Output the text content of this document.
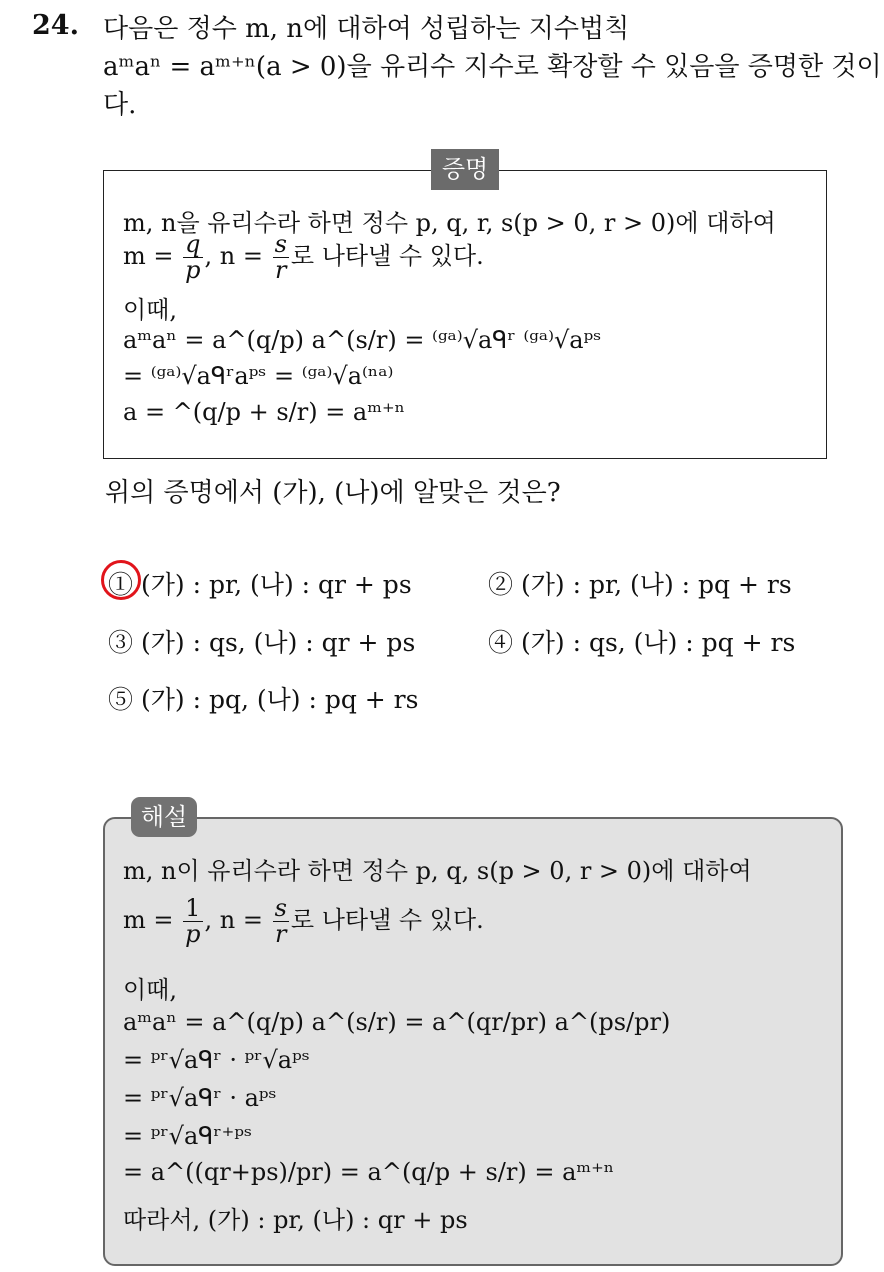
24. 다음은 정수 m, n에 대하여 성립하는 지수법칙
aᵐaⁿ = aᵐ⁺ⁿ(a > 0)을 유리수 지수로 확장할 수 있음을 증명한 것이
다.
증명
m, n을 유리수라 하면 정수 p, q, r, s(p > 0, r > 0)에 대하여
$m = \frac{q}{p}$ , $n = \frac{s}{r}$ 로 나타낼 수 있다.
이때,
aᵐaⁿ = a^(q/p) a^(s/r) = ⁽ᵍᵃ⁾√aᑫʳ ⁽ᵍᵃ⁾√aᵖˢ
= ⁽ᵍᵃ⁾√aᑫʳaᵖˢ = ⁽ᵍᵃ⁾√a⁽ⁿᵃ⁾
a = ^(q/p + s/r) = aᵐ⁺ⁿ
위의 증명에서 (가), (나)에 알맞은 것은?
① (가) : pr, (나) : qr + ps	② (가) : pr, (나) : pq + rs
③ (가) : qs, (나) : qr + ps	④ (가) : qs, (나) : pq + rs
⑤ (가) : pq, (나) : pq + rs
해설
m, n이 유리수라 하면 정수 p, q, s(p > 0, r > 0)에 대하여
$m = \frac{1}{p}$ , $n = \frac{s}{r}$ 로 나타낼 수 있다.
이때,
aᵐaⁿ = a^(q/p) a^(s/r) = a^(qr/pr) a^(ps/pr)
= ᵖʳ√aᑫʳ · ᵖʳ√aᵖˢ
= ᵖʳ√aᑫʳ · aᵖˢ
= ᵖʳ√aᑫʳ⁺ᵖˢ
= a^((qr+ps)/pr) = a^(q/p + s/r) = aᵐ⁺ⁿ
따라서, (가) : pr, (나) : qr + ps
